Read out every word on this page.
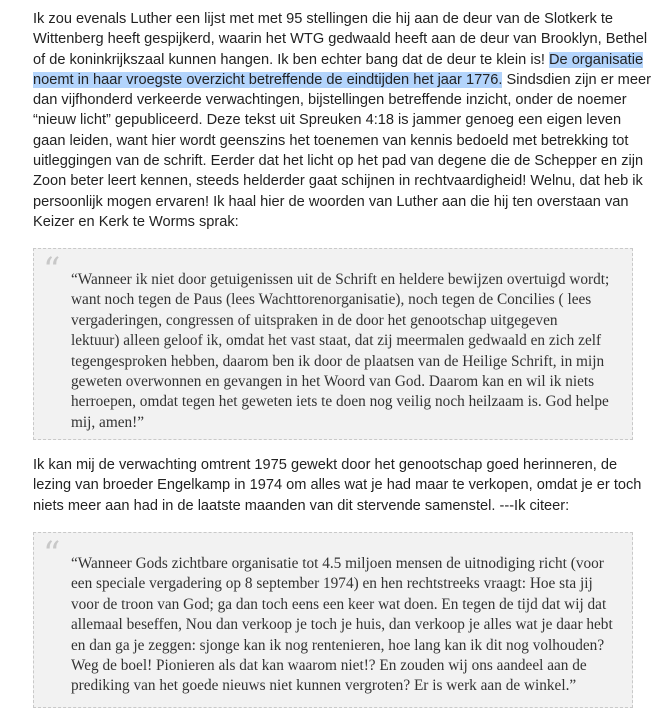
Ik zou evenals Luther een lijst met met 95 stellingen die hij aan de deur van de Slotkerk te
Wittenberg heeft gespijkerd, waarin het WTG gedwaald heeft aan de deur van Brooklyn, Bethel
of de koninkrijkszaal kunnen hangen. Ik ben echter bang dat de deur te klein is! De organisatie
noemt in haar vroegste overzicht betreffende de eindtijden het jaar 1776. Sindsdien zijn er meer
dan vijfhonderd verkeerde verwachtingen, bijstellingen betreffende inzicht, onder de noemer
“nieuw licht” gepubliceerd. Deze tekst uit Spreuken 4:18 is jammer genoeg een eigen leven
gaan leiden, want hier wordt geenszins het toenemen van kennis bedoeld met betrekking tot
uitleggingen van de schrift. Eerder dat het licht op het pad van degene die de Schepper en zijn
Zoon beter leert kennen, steeds helderder gaat schijnen in rechtvaardigheid! Welnu, dat heb ik
persoonlijk mogen ervaren! Ik haal hier de woorden van Luther aan die hij ten overstaan van
Keizer en Kerk te Worms sprak:
“ “Wanneer ik niet door getuigenissen uit de Schrift en heldere bewijzen overtuigd wordt;
want noch tegen de Paus (lees Wachttorenorganisatie), noch tegen de Concilies ( lees
vergaderingen, congressen of uitspraken in de door het genootschap uitgegeven
lektuur) alleen geloof ik, omdat het vast staat, dat zij meermalen gedwaald en zich zelf
tegengesproken hebben, daarom ben ik door de plaatsen van de Heilige Schrift, in mijn
geweten overwonnen en gevangen in het Woord van God. Daarom kan en wil ik niets
herroepen, omdat tegen het geweten iets te doen nog veilig noch heilzaam is. God helpe
mij, amen!”
Ik kan mij de verwachting omtrent 1975 gewekt door het genootschap goed herinneren, de
lezing van broeder Engelkamp in 1974 om alles wat je had maar te verkopen, omdat je er toch
niets meer aan had in de laatste maanden van dit stervende samenstel. ---Ik citeer:
“ “Wanneer Gods zichtbare organisatie tot 4.5 miljoen mensen de uitnodiging richt (voor
een speciale vergadering op 8 september 1974) en hen rechtstreeks vraagt: Hoe sta jij
voor de troon van God; ga dan toch eens een keer wat doen. En tegen de tijd dat wij dat
allemaal beseffen, Nou dan verkoop je toch je huis, dan verkoop je alles wat je daar hebt
en dan ga je zeggen: sjonge kan ik nog rentenieren, hoe lang kan ik dit nog volhouden?
Weg de boel! Pionieren als dat kan waarom niet!? En zouden wij ons aandeel aan de
prediking van het goede nieuws niet kunnen vergroten? Er is werk aan de winkel.”
